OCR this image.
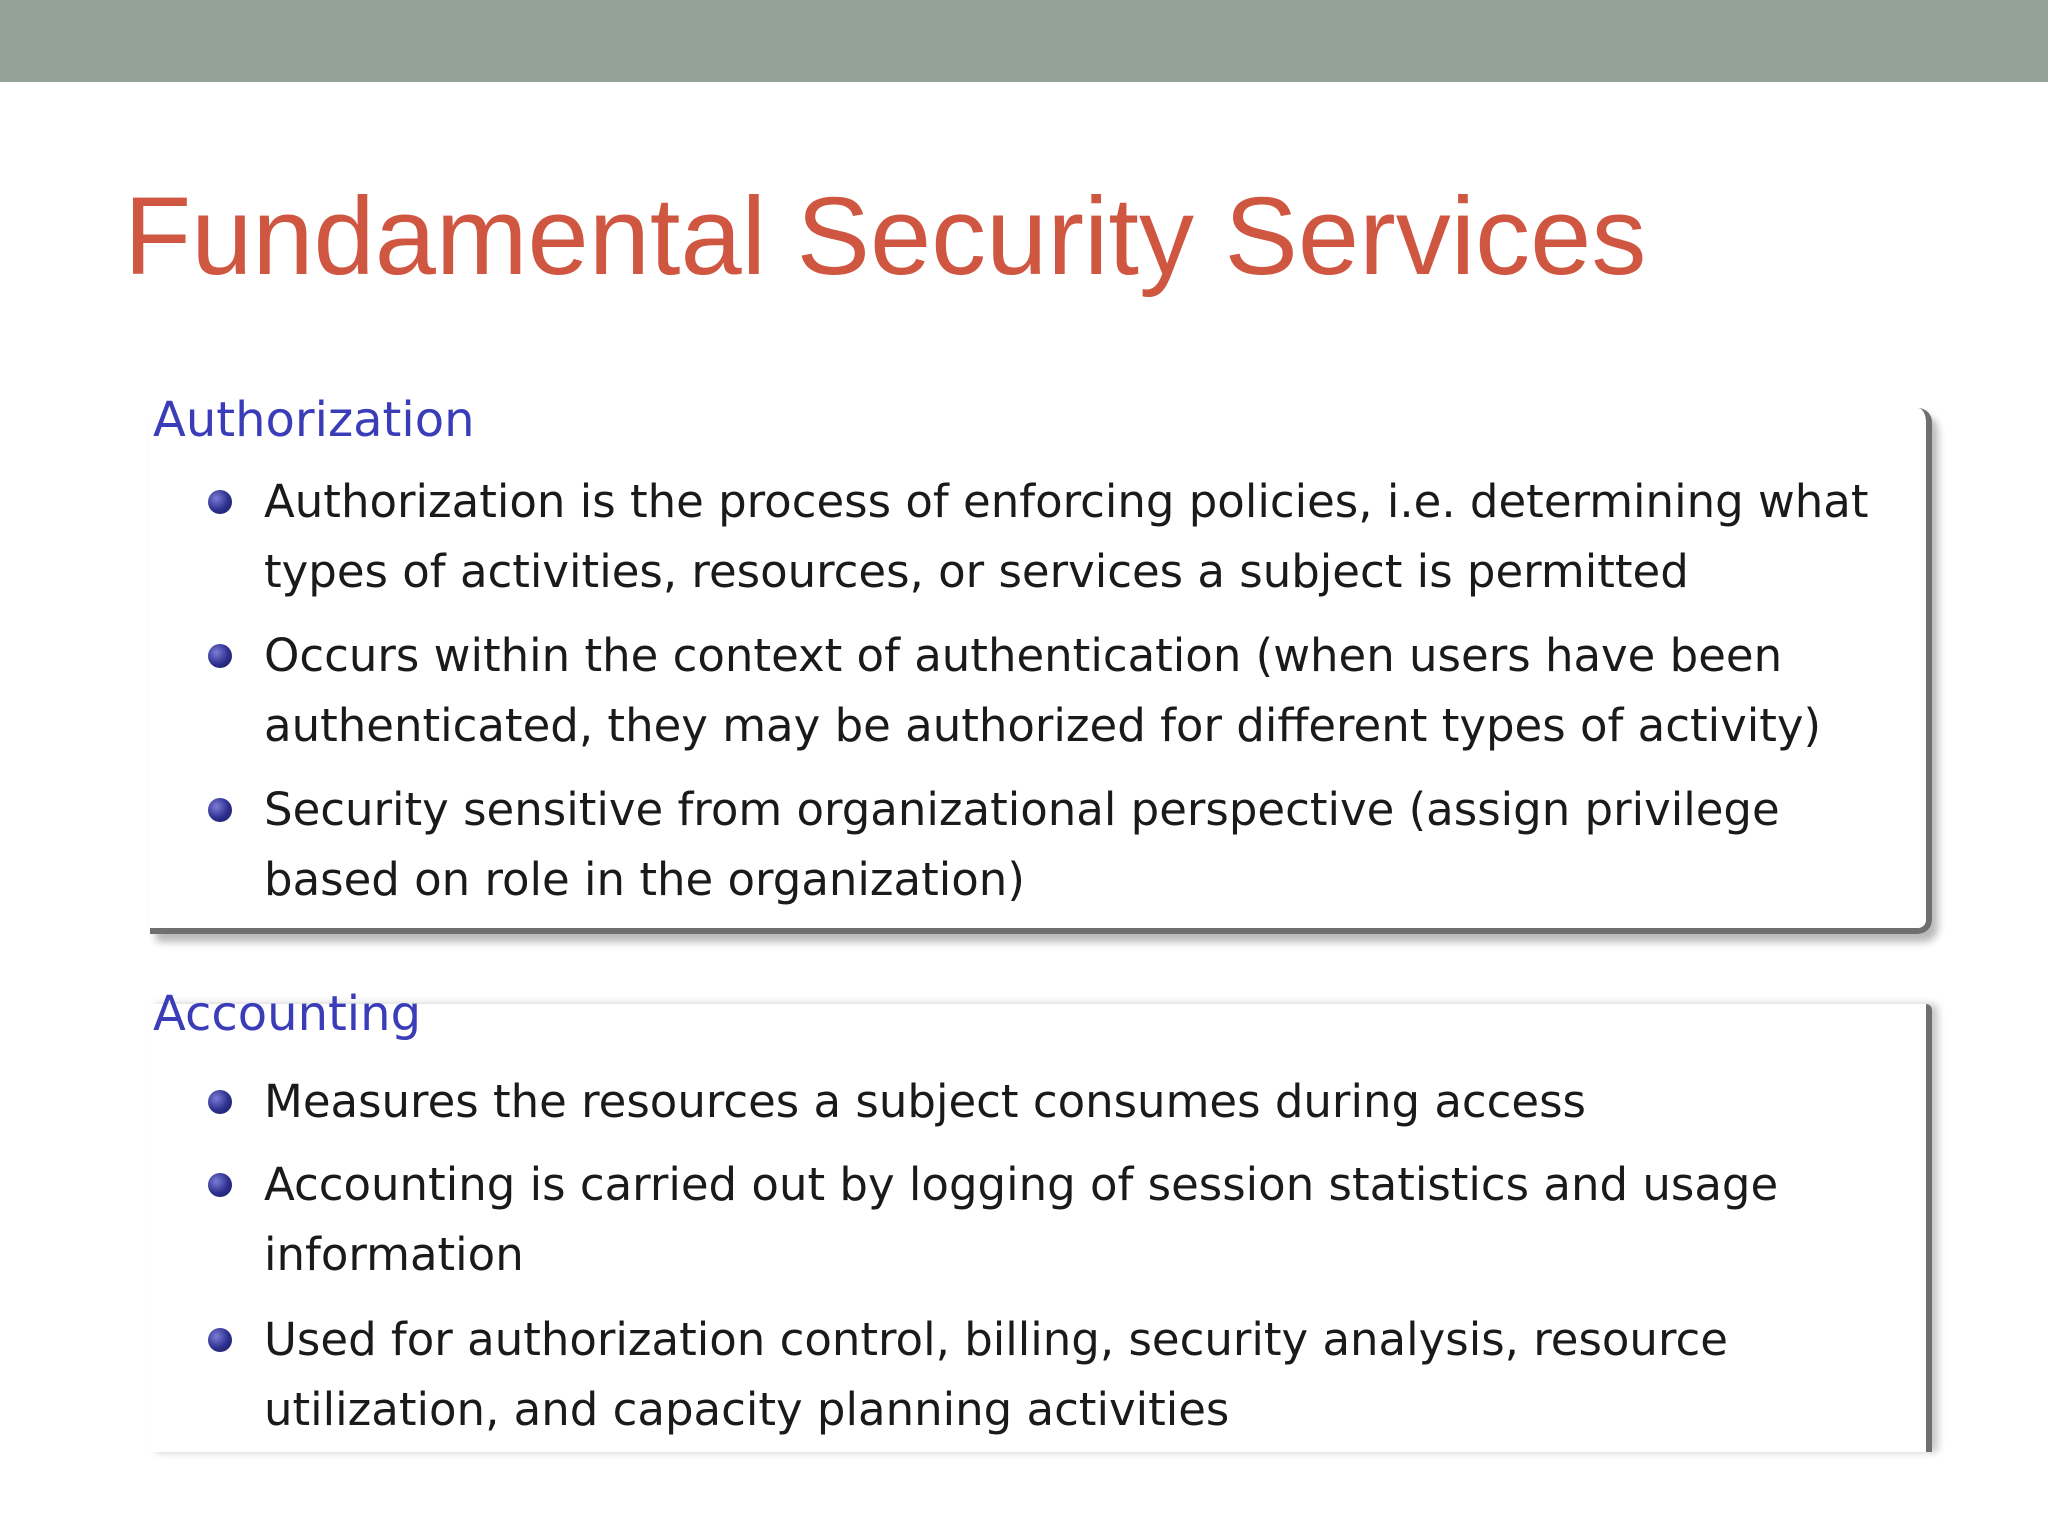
Fundamental Security Services
Authorization
Authorization is the process of enforcing policies, i.e. determining what types of activities, resources, or services a subject is permitted
Occurs within the context of authentication (when users have been authenticated, they may be authorized for different types of activity)
Security sensitive from organizational perspective (assign privilege based on role in the organization)
Accounting
Measures the resources a subject consumes during access
Accounting is carried out by logging of session statistics and usage information
Used for authorization control, billing, security analysis, resource utilization, and capacity planning activities
